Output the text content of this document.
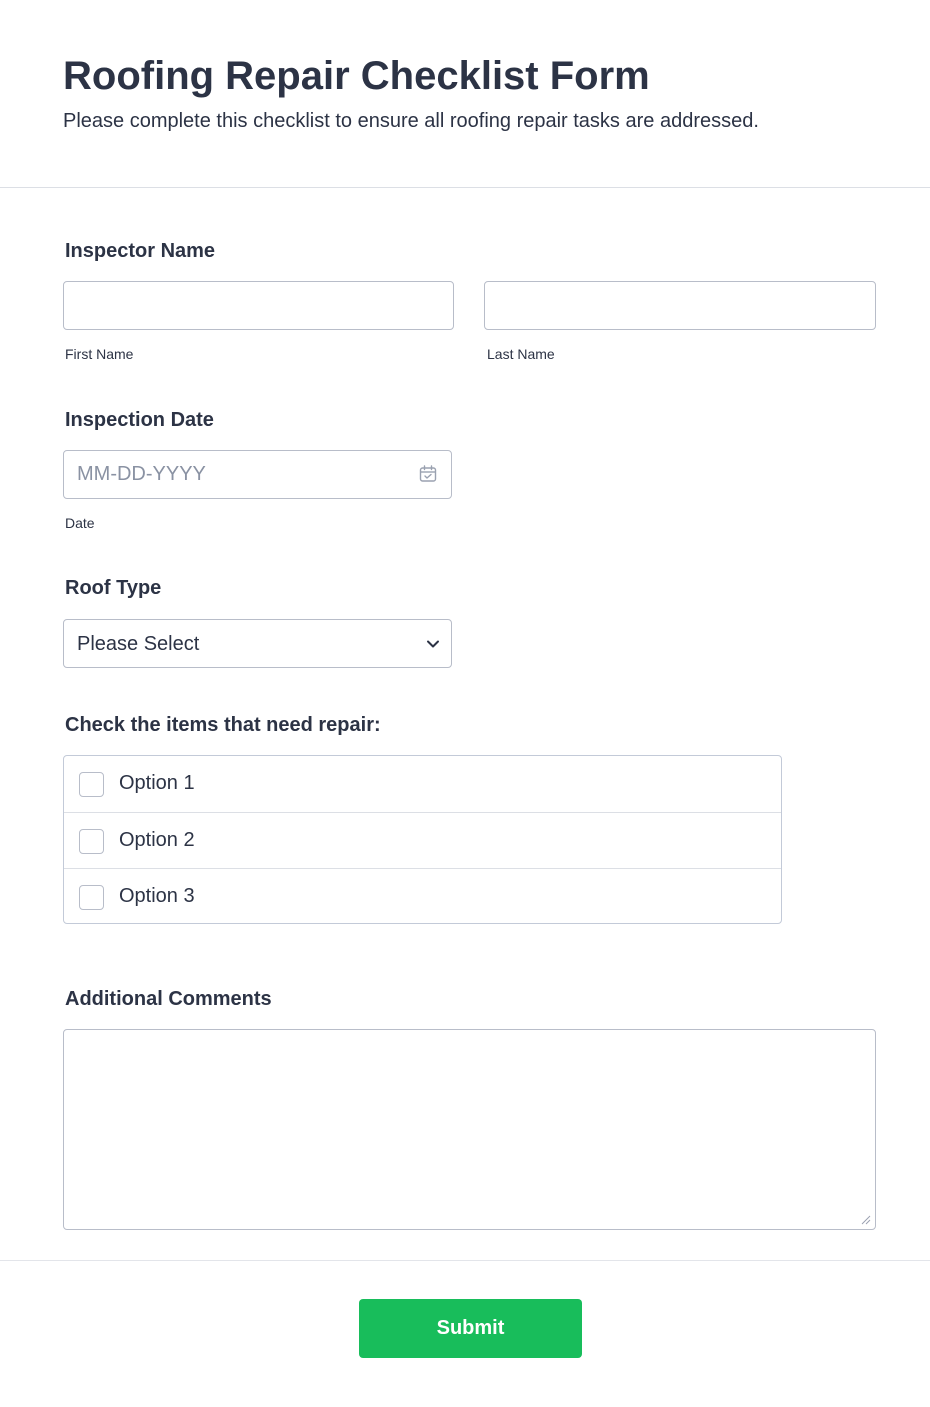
Roofing Repair Checklist Form
Please complete this checklist to ensure all roofing repair tasks are addressed.
Inspector Name
First Name	Last Name
Inspection Date
MM-DD-YYYY
Date
Roof Type
Please Select
Check the items that need repair:
Option 1
Option 2
Option 3
Additional Comments
Submit
